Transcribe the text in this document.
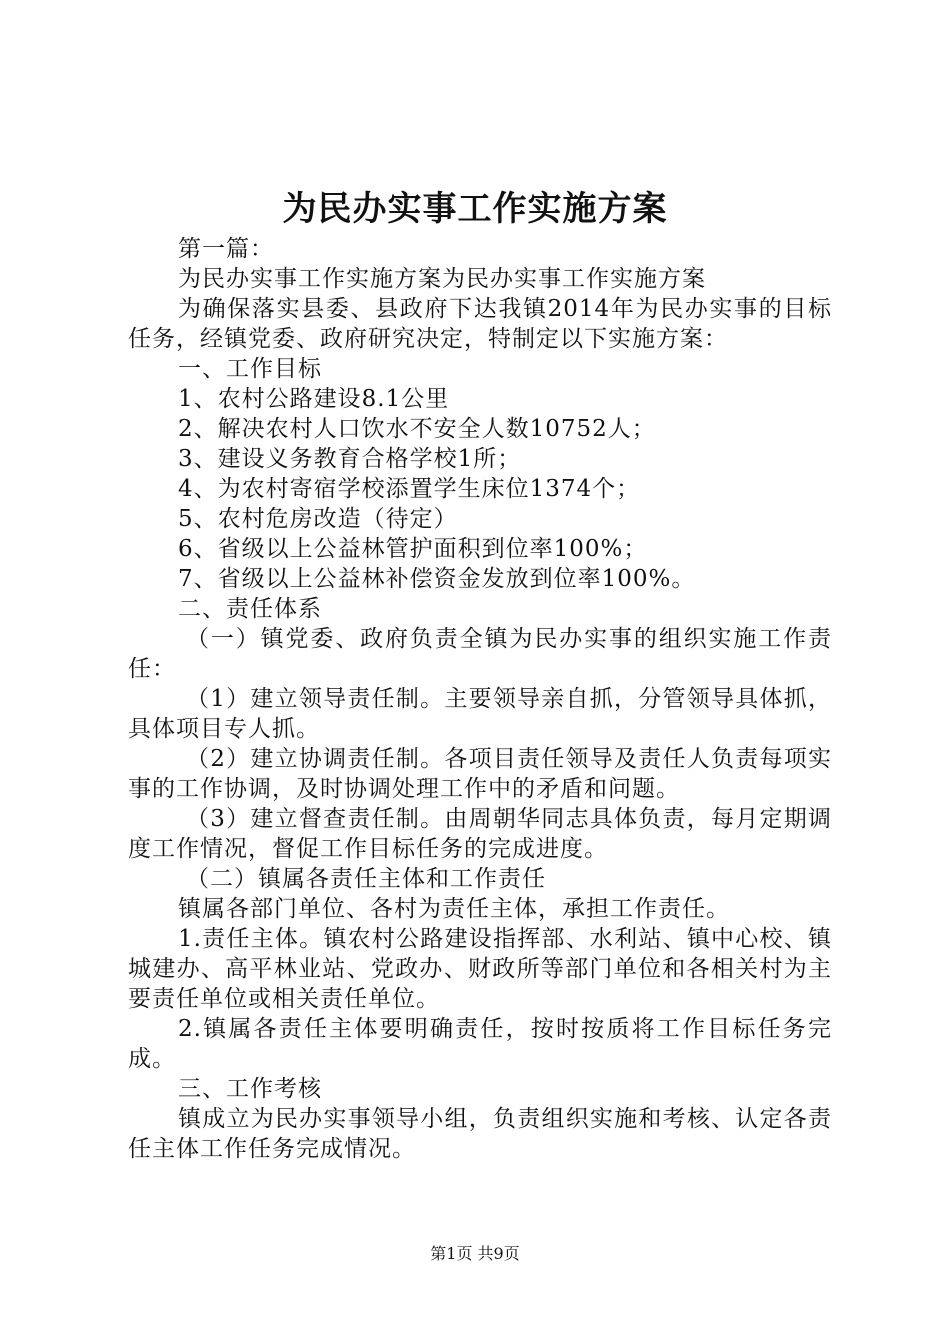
为民办实事工作实施方案

第一篇：

为民办实事工作实施方案为民办实事工作实施方案

为确保落实县委、县政府下达我镇2014年为民办实事的目标任务，经镇党委、政府研究决定，特制定以下实施方案：

一、工作目标

1、农村公路建设8.1公里

2、解决农村人口饮水不安全人数10752人；

3、建设义务教育合格学校1所；

4、为农村寄宿学校添置学生床位1374个；

5、农村危房改造（待定）

6、省级以上公益林管护面积到位率100%；

7、省级以上公益林补偿资金发放到位率100%。

二、责任体系

（一）镇党委、政府负责全镇为民办实事的组织实施工作责任：

（1）建立领导责任制。主要领导亲自抓，分管领导具体抓，具体项目专人抓。

（2）建立协调责任制。各项目责任领导及责任人负责每项实事的工作协调，及时协调处理工作中的矛盾和问题。

（3）建立督查责任制。由周朝华同志具体负责，每月定期调度工作情况，督促工作目标任务的完成进度。

（二）镇属各责任主体和工作责任

镇属各部门单位、各村为责任主体，承担工作责任。

1.责任主体。镇农村公路建设指挥部、水利站、镇中心校、镇城建办、高平林业站、党政办、财政所等部门单位和各相关村为主要责任单位或相关责任单位。

2.镇属各责任主体要明确责任，按时按质将工作目标任务完成。

三、工作考核

镇成立为民办实事领导小组，负责组织实施和考核、认定各责任主体工作任务完成情况。

第1页 共9页
